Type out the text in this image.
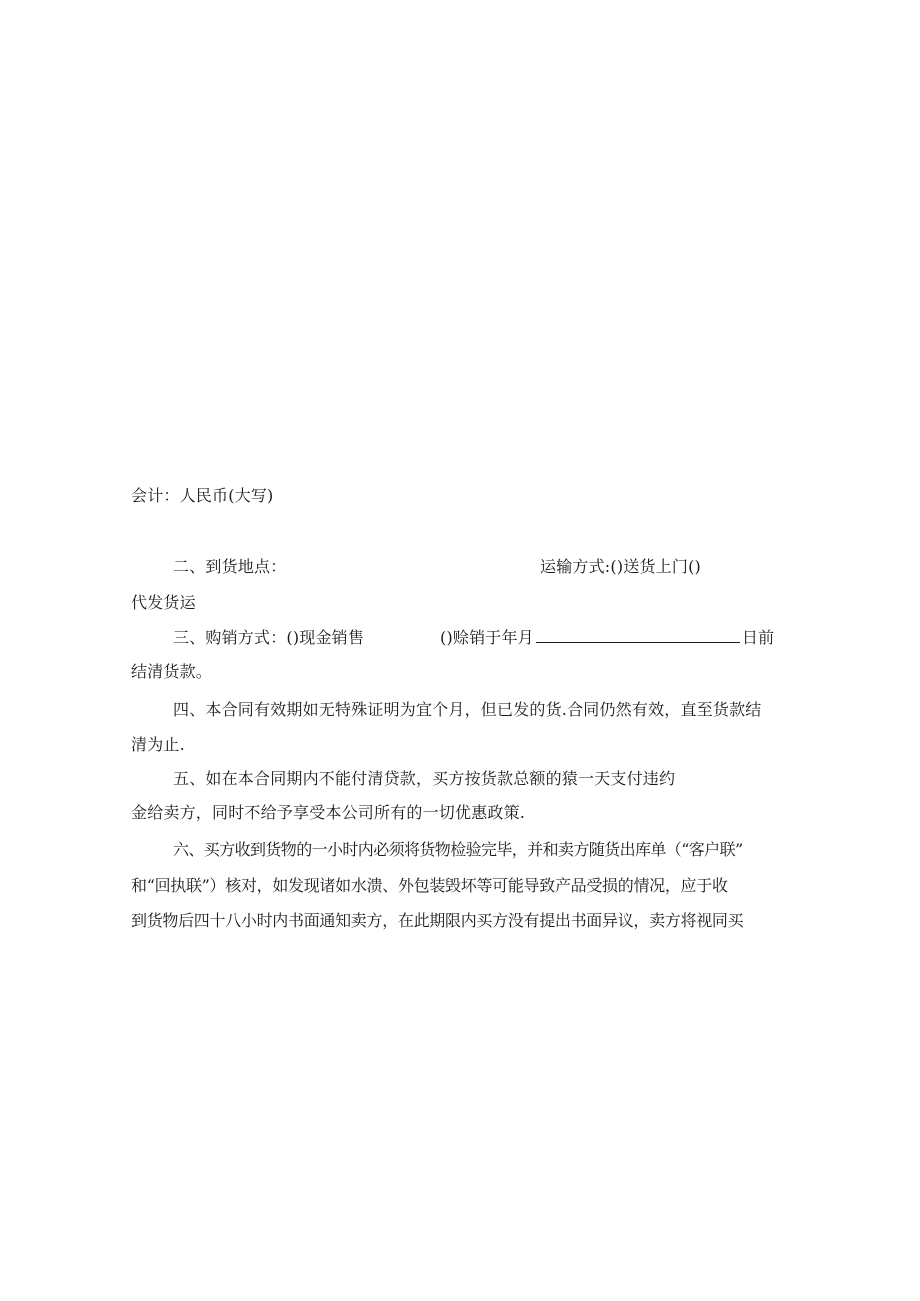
会计：人民币(大写)
二、到货地点：	运输方式:()送货上门()
代发货运
三、购销方式：()现金销售	()赊销于年月	日前
结清货款。
四、本合同有效期如无特殊证明为宜个月，但已发的货.合同仍然有效，直至货款结
清为止.
五、如在本合同期内不能付清贷款，买方按货款总额的猿一天支付违约
金给卖方，同时不给予享受本公司所有的一切优惠政策.
六、买方收到货物的一小时内必须将货物检验完毕，并和卖方随货出库单（“客户联”
和“回执联”）核对，如发现诸如水溃、外包装毁坏等可能导致产品受损的情况，应于收
到货物后四十八小时内书面通知卖方，在此期限内买方没有提出书面异议，卖方将视同买
